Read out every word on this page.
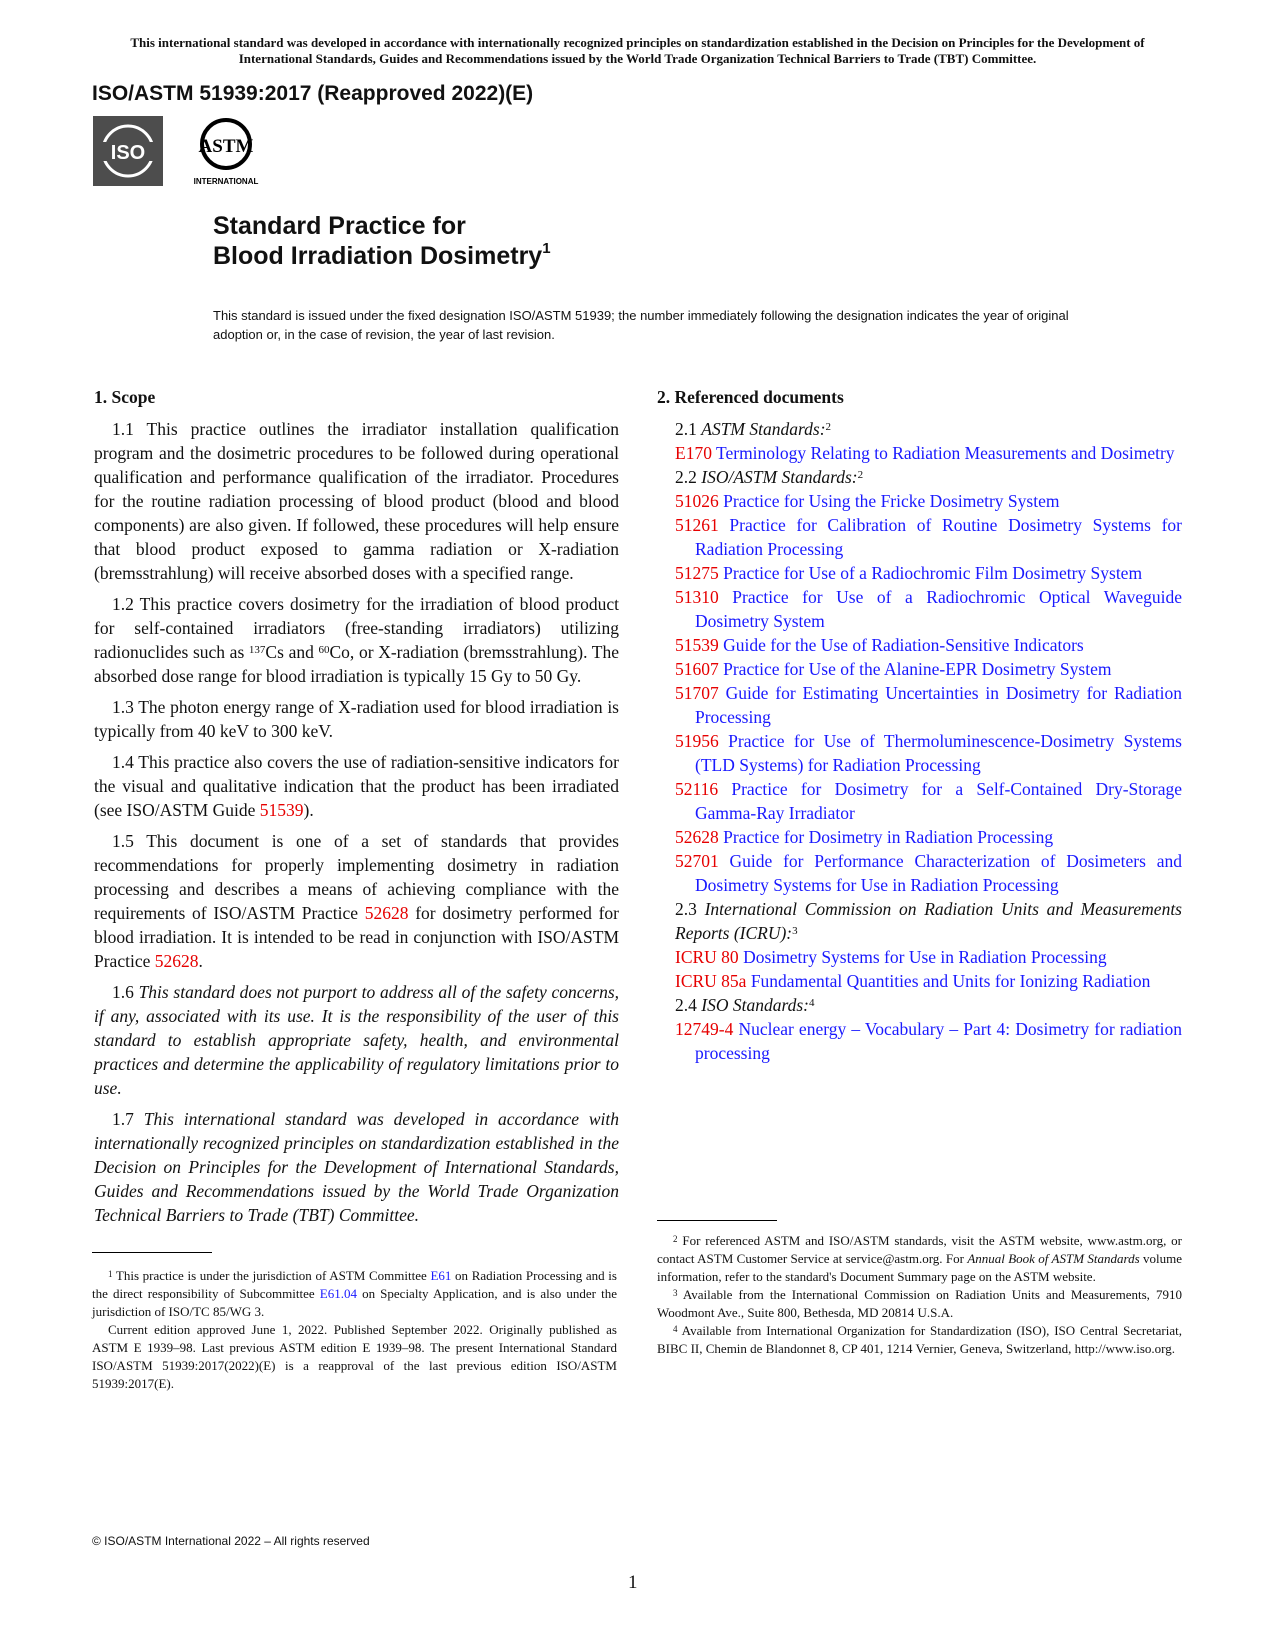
This international standard was developed in accordance with internationally recognized principles on standardization established in the Decision on Principles for the Development of International Standards, Guides and Recommendations issued by the World Trade Organization Technical Barriers to Trade (TBT) Committee.
ISO/ASTM 51939:2017 (Reapproved 2022)(E)
ISO	ASTM
INTERNATIONAL
Standard Practice for
Blood Irradiation Dosimetry$^1$
This standard is issued under the fixed designation ISO/ASTM 51939; the number immediately following the designation indicates the year of original adoption or, in the case of revision, the year of last revision.
1. Scope

1.1 This practice outlines the irradiator installation qualification program and the dosimetric procedures to be followed during operational qualification and performance qualification of the irradiator. Procedures for the routine radiation processing of blood product (blood and blood components) are also given. If followed, these procedures will help ensure that blood product exposed to gamma radiation or X-radiation (bremsstrahlung) will receive absorbed doses with a specified range.

1.2 This practice covers dosimetry for the irradiation of blood product for self-contained irradiators (free-standing irradiators) utilizing radionuclides such as $^{137}$Cs and $^{60}$Co, or X-radiation (bremsstrahlung). The absorbed dose range for blood irradiation is typically 15 Gy to 50 Gy.

1.3 The photon energy range of X-radiation used for blood irradiation is typically from 40 keV to 300 keV.

1.4 This practice also covers the use of radiation-sensitive indicators for the visual and qualitative indication that the product has been irradiated (see ISO/ASTM Guide 51539).

1.5 This document is one of a set of standards that provides recommendations for properly implementing dosimetry in radiation processing and describes a means of achieving compliance with the requirements of ISO/ASTM Practice 52628 for dosimetry performed for blood irradiation. It is intended to be read in conjunction with ISO/ASTM Practice 52628.

1.6 This standard does not purport to address all of the safety concerns, if any, associated with its use. It is the responsibility of the user of this standard to establish appropriate safety, health, and environmental practices and determine the applicability of regulatory limitations prior to use.

1.7 This international standard was developed in accordance with internationally recognized principles on standardization established in the Decision on Principles for the Development of International Standards, Guides and Recommendations issued by the World Trade Organization Technical Barriers to Trade (TBT) Committee.

2. Referenced documents
2.1 ASTM Standards:$^2$
E170 Terminology Relating to Radiation Measurements and Dosimetry
2.2 ISO/ASTM Standards:$^2$
51026 Practice for Using the Fricke Dosimetry System
51261 Practice for Calibration of Routine Dosimetry Systems for Radiation Processing
51275 Practice for Use of a Radiochromic Film Dosimetry System
51310 Practice for Use of a Radiochromic Optical Waveguide Dosimetry System
51539 Guide for the Use of Radiation-Sensitive Indicators
51607 Practice for Use of the Alanine-EPR Dosimetry System
51707 Guide for Estimating Uncertainties in Dosimetry for Radiation Processing
51956 Practice for Use of Thermoluminescence-Dosimetry Systems (TLD Systems) for Radiation Processing
52116 Practice for Dosimetry for a Self-Contained Dry-Storage Gamma-Ray Irradiator
52628 Practice for Dosimetry in Radiation Processing
52701 Guide for Performance Characterization of Dosimeters and Dosimetry Systems for Use in Radiation Processing
2.3 International Commission on Radiation Units and Measurements Reports (ICRU):$^3$
ICRU 80 Dosimetry Systems for Use in Radiation Processing
ICRU 85a Fundamental Quantities and Units for Ionizing Radiation
2.4 ISO Standards:$^4$
12749-4 Nuclear energy – Vocabulary – Part 4: Dosimetry for radiation processing

$^1$ This practice is under the jurisdiction of ASTM Committee E61 on Radiation Processing and is the direct responsibility of Subcommittee E61.04 on Specialty Application, and is also under the jurisdiction of ISO/TC 85/WG 3.

Current edition approved June 1, 2022. Published September 2022. Originally published as ASTM E 1939–98. Last previous ASTM edition E 1939–98. The present International Standard ISO/ASTM 51939:2017(2022)(E) is a reapproval of the last previous edition ISO/ASTM 51939:2017(E).

$^2$ For referenced ASTM and ISO/ASTM standards, visit the ASTM website, www.astm.org, or contact ASTM Customer Service at service@astm.org. For Annual Book of ASTM Standards volume information, refer to the standard's Document Summary page on the ASTM website.

$^3$ Available from the International Commission on Radiation Units and Measurements, 7910 Woodmont Ave., Suite 800, Bethesda, MD 20814 U.S.A.

$^4$ Available from International Organization for Standardization (ISO), ISO Central Secretariat, BIBC II, Chemin de Blandonnet 8, CP 401, 1214 Vernier, Geneva, Switzerland, http://www.iso.org.

© ISO/ASTM International 2022 – All rights reserved
1
